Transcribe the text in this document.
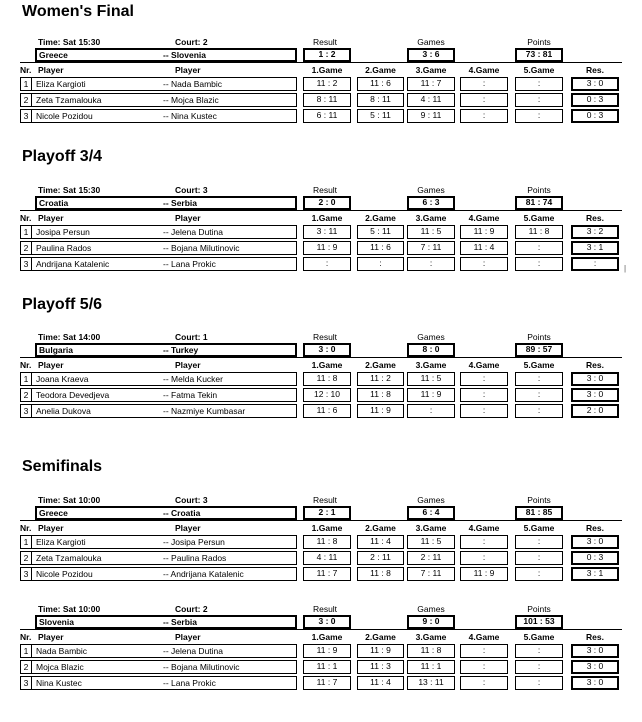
Women's Final
Time: Sat 15:30	Court: 2	Result	Games	Points
Greece	-- Slovenia	1 : 2	3 : 6	73 : 81
Nr. Player	Player	1.Game	2.Game	3.Game	4.Game	5.Game	Res.
1 Eliza Kargioti	-- Nada Bambic	11 : 2	11 : 6	11 : 7	:	:	3 : 0
2 Zeta Tzamalouka	-- Mojca Blazic	8 : 11	8 : 11	4 : 11	:	:	0 : 3
3 Nicole Pozidou	-- Nina Kustec	6 : 11	5 : 11	9 : 11	:	:	0 : 3
Playoff 3/4
Time: Sat 15:30	Court: 3	Result	Games	Points
Croatia	-- Serbia	2 : 0	6 : 3	81 : 74
Nr. Player	Player	1.Game	2.Game	3.Game	4.Game	5.Game	Res.
1 Josipa Persun	-- Jelena Dutina	3 : 11	5 : 11	11 : 5	11 : 9	11 : 8	3 : 2
2 Paulina Rados	-- Bojana Milutinovic	11 : 9	11 : 6	7 : 11	11 : 4	:	3 : 1
3 Andrijana Katalenic	-- Lana Prokic	:	:	:	:	:	:
Playoff 5/6
Time: Sat 14:00	Court: 1	Result	Games	Points
Bulgaria	-- Turkey	3 : 0	8 : 0	89 : 57
Nr. Player	Player	1.Game	2.Game	3.Game	4.Game	5.Game	Res.
1 Joana Kraeva	-- Melda Kucker	11 : 8	11 : 2	11 : 5	:	:	3 : 0
2 Teodora Devedjeva	-- Fatma Tekin	12 : 10	11 : 8	11 : 9	:	:	3 : 0
3 Anelia Dukova	-- Nazmiye Kumbasar	11 : 6	11 : 9	:	:	:	2 : 0
Semifinals
Time: Sat 10:00	Court: 3	Result	Games	Points
Greece	-- Croatia	2 : 1	6 : 4	81 : 85
Nr. Player	Player	1.Game	2.Game	3.Game	4.Game	5.Game	Res.
1 Eliza Kargioti	-- Josipa Persun	11 : 8	11 : 4	11 : 5	:	:	3 : 0
2 Zeta Tzamalouka	-- Paulina Rados	4 : 11	2 : 11	2 : 11	:	:	0 : 3
3 Nicole Pozidou	-- Andrijana Katalenic	11 : 7	11 : 8	7 : 11	11 : 9	:	3 : 1
Time: Sat 10:00	Court: 2	Result	Games	Points
Slovenia	-- Serbia	3 : 0	9 : 0	101 : 53
Nr. Player	Player	1.Game	2.Game	3.Game	4.Game	5.Game	Res.
1 Nada Bambic	-- Jelena Dutina	11 : 9	11 : 9	11 : 8	:	:	3 : 0
2 Mojca Blazic	-- Bojana Milutinovic	11 : 1	11 : 3	11 : 1	:	:	3 : 0
3 Nina Kustec	-- Lana Prokic	11 : 7	11 : 4	13 : 11	:	:	3 : 0
|
